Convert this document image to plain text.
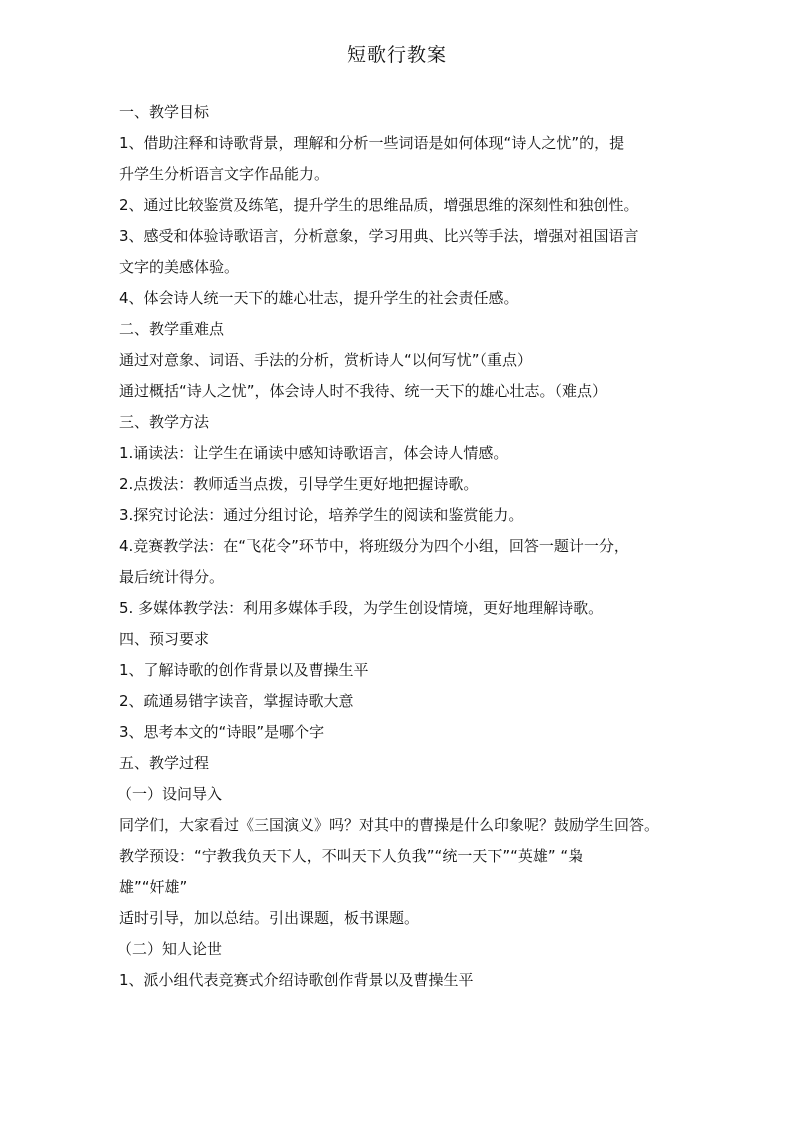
短歌行教案

一、教学目标

1、借助注释和诗歌背景，理解和分析一些词语是如何体现“诗人之忧”的，提

升学生分析语言文字作品能力。

2、通过比较鉴赏及练笔，提升学生的思维品质，增强思维的深刻性和独创性。

3、感受和体验诗歌语言，分析意象，学习用典、比兴等手法，增强对祖国语言

文字的美感体验。

4、体会诗人统一天下的雄心壮志，提升学生的社会责任感。

二、教学重难点

通过对意象、词语、手法的分析，赏析诗人“以何写忧”（重点）

通过概括“诗人之忧”，体会诗人时不我待、统一天下的雄心壮志。（难点）

三、教学方法

1.诵读法：让学生在诵读中感知诗歌语言，体会诗人情感。

2.点拨法：教师适当点拨，引导学生更好地把握诗歌。

3.探究讨论法：通过分组讨论，培养学生的阅读和鉴赏能力。

4.竞赛教学法：在“飞花令”环节中，将班级分为四个小组，回答一题计一分，

最后统计得分。

5. 多媒体教学法：利用多媒体手段，为学生创设情境，更好地理解诗歌。

四、预习要求

1、了解诗歌的创作背景以及曹操生平

2、疏通易错字读音，掌握诗歌大意

3、思考本文的“诗眼”是哪个字

五、教学过程

（一）设问导入

同学们，大家看过《三国演义》吗？对其中的曹操是什么印象呢？鼓励学生回答。

教学预设：“宁教我负天下人，不叫天下人负我”“统一天下”“英雄” “枭

雄”“奸雄”

适时引导，加以总结。引出课题，板书课题。

（二）知人论世

1、派小组代表竞赛式介绍诗歌创作背景以及曹操生平
